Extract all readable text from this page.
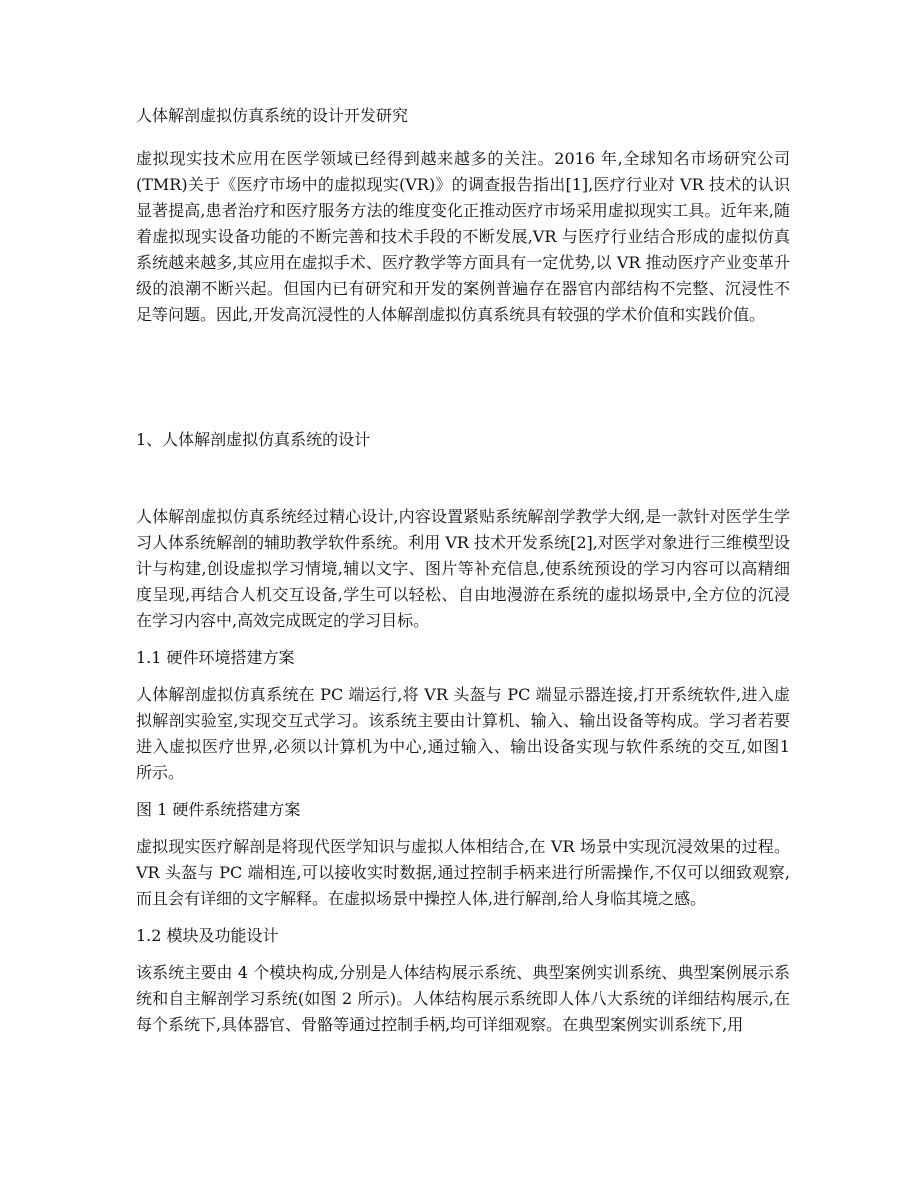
人体解剖虚拟仿真系统的设计开发研究

虚拟现实技术应用在医学领域已经得到越来越多的关注。2016 年,全球知名市场研究公司(TMR)关于《医疗市场中的虚拟现实(VR)》的调查报告指出[1],医疗行业对 VR 技术的认识显著提高,患者治疗和医疗服务方法的维度变化正推动医疗市场采用虚拟现实工具。近年来,随着虚拟现实设备功能的不断完善和技术手段的不断发展,VR 与医疗行业结合形成的虚拟仿真系统越来越多,其应用在虚拟手术、医疗教学等方面具有一定优势,以 VR 推动医疗产业变革升级的浪潮不断兴起。但国内已有研究和开发的案例普遍存在器官内部结构不完整、沉浸性不足等问题。因此,开发高沉浸性的人体解剖虚拟仿真系统具有较强的学术价值和实践价值。

1、人体解剖虚拟仿真系统的设计

人体解剖虚拟仿真系统经过精心设计,内容设置紧贴系统解剖学教学大纲,是一款针对医学生学习人体系统解剖的辅助教学软件系统。利用 VR 技术开发系统[2],对医学对象进行三维模型设计与构建,创设虚拟学习情境,辅以文字、图片等补充信息,使系统预设的学习内容可以高精细度呈现,再结合人机交互设备,学生可以轻松、自由地漫游在系统的虚拟场景中,全方位的沉浸在学习内容中,高效完成既定的学习目标。

1.1 硬件环境搭建方案

人体解剖虚拟仿真系统在 PC 端运行,将 VR 头盔与 PC 端显示器连接,打开系统软件,进入虚拟解剖实验室,实现交互式学习。该系统主要由计算机、输入、输出设备等构成。学习者若要进入虚拟医疗世界,必须以计算机为中心,通过输入、输出设备实现与软件系统的交互,如图1 所示。

图 1 硬件系统搭建方案

虚拟现实医疗解剖是将现代医学知识与虚拟人体相结合,在 VR 场景中实现沉浸效果的过程。VR 头盔与 PC 端相连,可以接收实时数据,通过控制手柄来进行所需操作,不仅可以细致观察,而且会有详细的文字解释。在虚拟场景中操控人体,进行解剖,给人身临其境之感。

1.2 模块及功能设计

该系统主要由 4 个模块构成,分别是人体结构展示系统、典型案例实训系统、典型案例展示系统和自主解剖学习系统(如图 2 所示)。人体结构展示系统即人体八大系统的详细结构展示,在每个系统下,具体器官、骨骼等通过控制手柄,均可详细观察。在典型案例实训系统下,用
